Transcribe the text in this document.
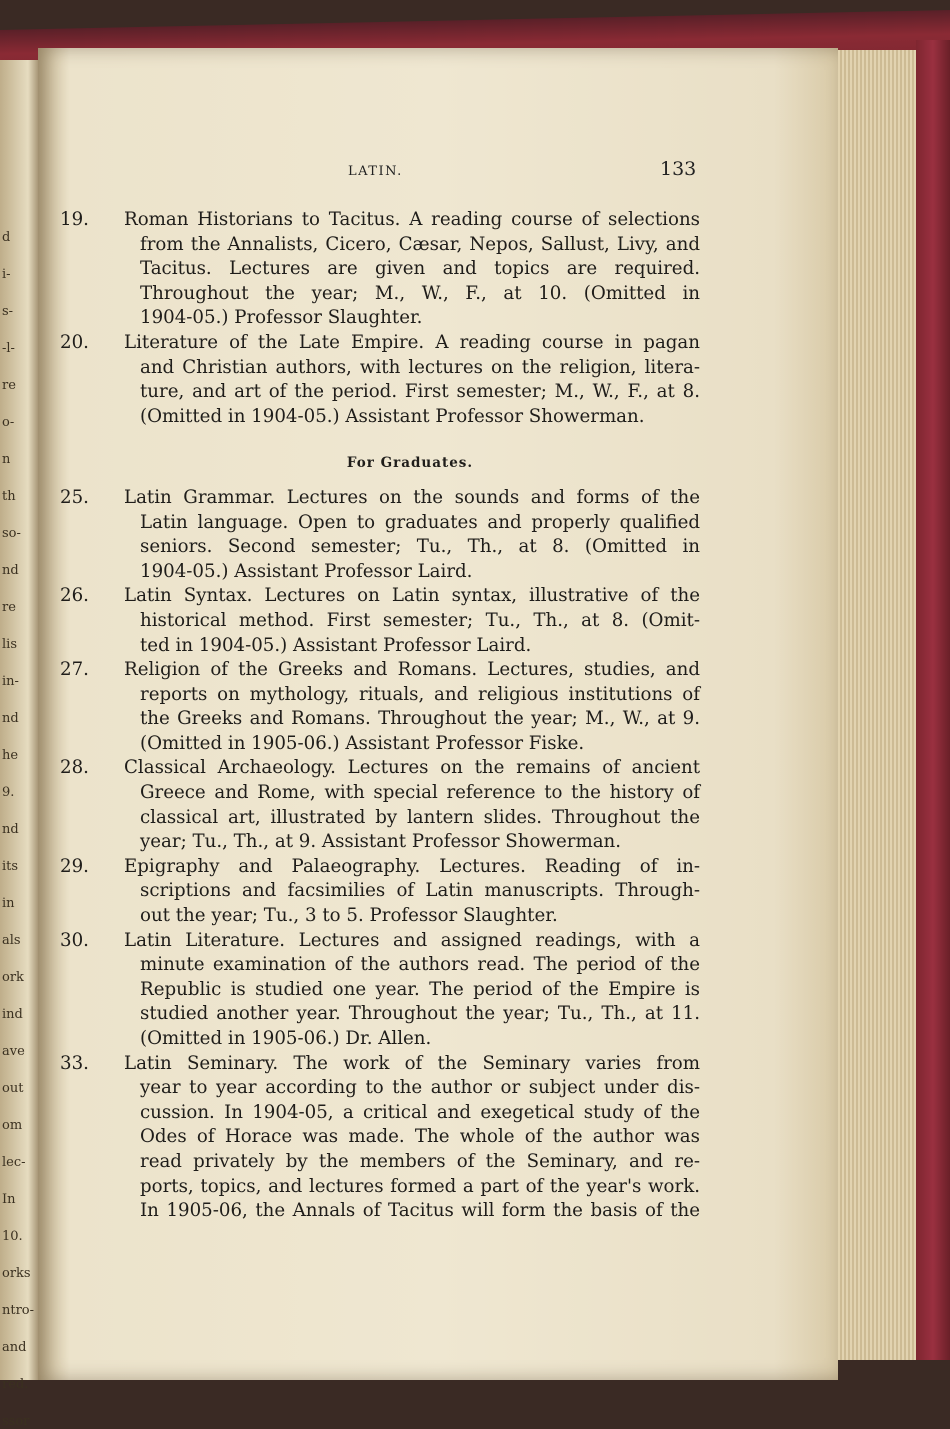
d
i-
s-
-l-
re
o-
n
th
so-
nd
re
lis
in-
nd
he
9.
nd
its
in
als
ork
ind
ave
out
om
lec-
In
10.
orks
ntro-
and
red.
ssor
LATIN.	133
19. Roman Historians to Tacitus. A reading course of selections
from the Annalists, Cicero, Cæsar, Nepos, Sallust, Livy, and
Tacitus. Lectures are given and topics are required.
Throughout the year; M., W., F., at 10. (Omitted in
1904-05.) Professor Slaughter.
20. Literature of the Late Empire. A reading course in pagan
and Christian authors, with lectures on the religion, litera-
ture, and art of the period. First semester; M., W., F., at 8.
(Omitted in 1904-05.) Assistant Professor Showerman.
For Graduates.
25. Latin Grammar. Lectures on the sounds and forms of the
Latin language. Open to graduates and properly qualified
seniors. Second semester; Tu., Th., at 8. (Omitted in
1904-05.) Assistant Professor Laird.
26. Latin Syntax. Lectures on Latin syntax, illustrative of the
historical method. First semester; Tu., Th., at 8. (Omit-
ted in 1904-05.) Assistant Professor Laird.
27. Religion of the Greeks and Romans. Lectures, studies, and
reports on mythology, rituals, and religious institutions of
the Greeks and Romans. Throughout the year; M., W., at 9.
(Omitted in 1905-06.) Assistant Professor Fiske.
28. Classical Archaeology. Lectures on the remains of ancient
Greece and Rome, with special reference to the history of
classical art, illustrated by lantern slides. Throughout the
year; Tu., Th., at 9. Assistant Professor Showerman.
29. Epigraphy and Palaeography. Lectures. Reading of in-
scriptions and facsimilies of Latin manuscripts. Through-
out the year; Tu., 3 to 5. Professor Slaughter.
30. Latin Literature. Lectures and assigned readings, with a
minute examination of the authors read. The period of the
Republic is studied one year. The period of the Empire is
studied another year. Throughout the year; Tu., Th., at 11.
(Omitted in 1905-06.) Dr. Allen.
33. Latin Seminary. The work of the Seminary varies from
year to year according to the author or subject under dis-
cussion. In 1904-05, a critical and exegetical study of the
Odes of Horace was made. The whole of the author was
read privately by the members of the Seminary, and re-
ports, topics, and lectures formed a part of the year's work.
In 1905-06, the Annals of Tacitus will form the basis of the
